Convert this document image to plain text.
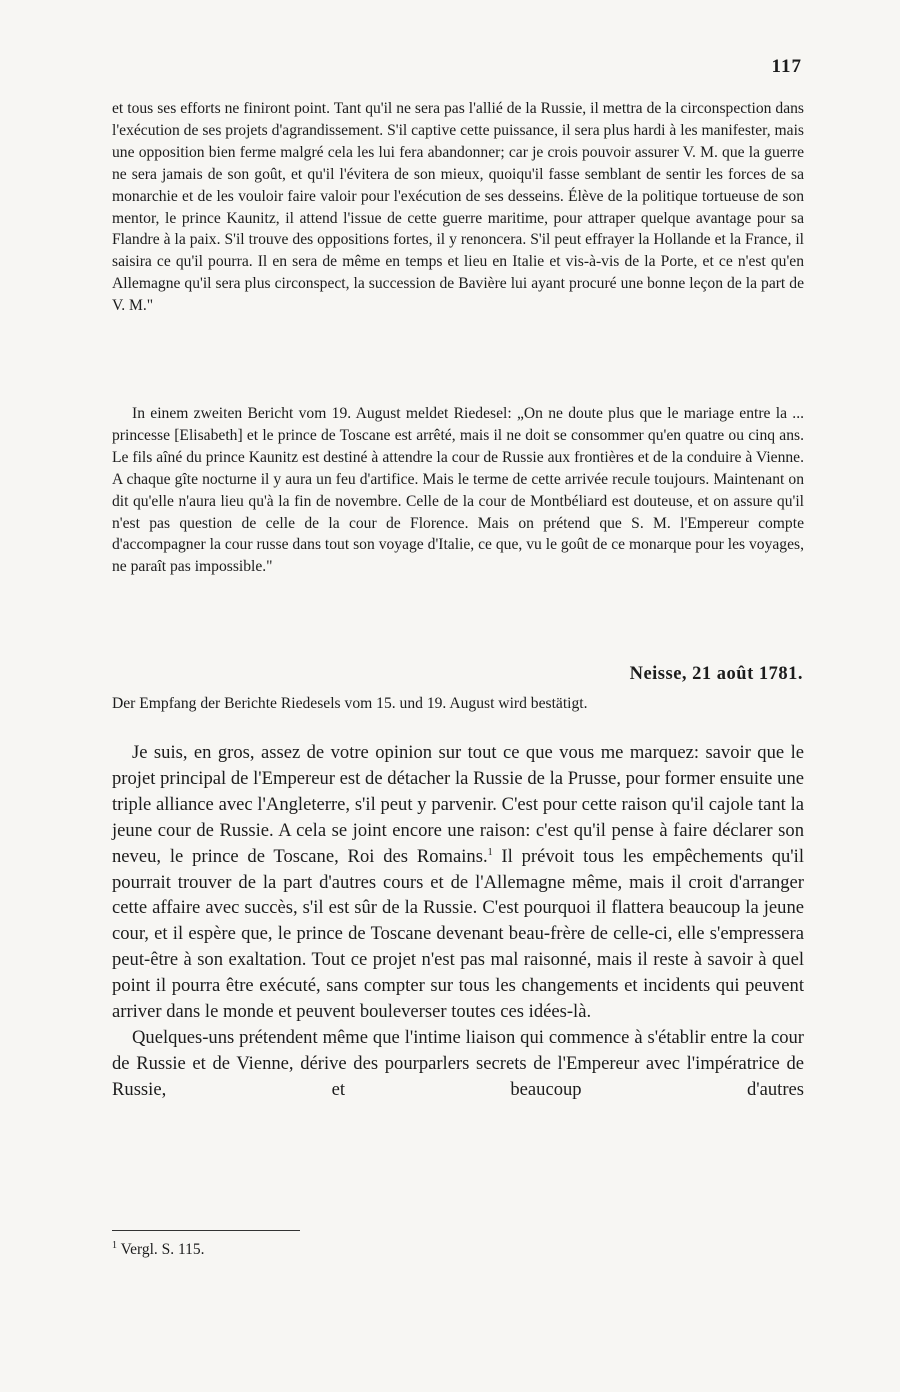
117

et tous ses efforts ne finiront point. Tant qu'il ne sera pas l'allié de la Russie, il mettra de la circonspection dans l'exécution de ses projets d'agrandissement. S'il captive cette puissance, il sera plus hardi à les manifester, mais une opposition bien ferme malgré cela les lui fera abandonner; car je crois pouvoir assurer V. M. que la guerre ne sera jamais de son goût, et qu'il l'évitera de son mieux, quoiqu'il fasse semblant de sentir les forces de sa monarchie et de les vouloir faire valoir pour l'exécution de ses desseins. Élève de la politique tortueuse de son mentor, le prince Kaunitz, il attend l'issue de cette guerre maritime, pour attraper quelque avantage pour sa Flandre à la paix. S'il trouve des oppositions fortes, il y renoncera. S'il peut effrayer la Hollande et la France, il saisira ce qu'il pourra. Il en sera de même en temps et lieu en Italie et vis-à-vis de la Porte, et ce n'est qu'en Allemagne qu'il sera plus circonspect, la succession de Bavière lui ayant procuré une bonne leçon de la part de V. M."

In einem zweiten Bericht vom 19. August meldet Riedesel: „On ne doute plus que le mariage entre la ... princesse [Elisabeth] et le prince de Toscane est arrêté, mais il ne doit se consommer qu'en quatre ou cinq ans. Le fils aîné du prince Kaunitz est destiné à attendre la cour de Russie aux frontières et de la conduire à Vienne. A chaque gîte nocturne il y aura un feu d'artifice. Mais le terme de cette arrivée recule toujours. Maintenant on dit qu'elle n'aura lieu qu'à la fin de novembre. Celle de la cour de Montbéliard est douteuse, et on assure qu'il n'est pas question de celle de la cour de Florence. Mais on prétend que S. M. l'Empereur compte d'accompagner la cour russe dans tout son voyage d'Italie, ce que, vu le goût de ce monarque pour les voyages, ne paraît pas impossible."

Neisse, 21 août 1781.

Der Empfang der Berichte Riedesels vom 15. und 19. August wird bestätigt.

Je suis, en gros, assez de votre opinion sur tout ce que vous me marquez: savoir que le projet principal de l'Empereur est de détacher la Russie de la Prusse, pour former ensuite une triple alliance avec l'Angleterre, s'il peut y parvenir. C'est pour cette raison qu'il cajole tant la jeune cour de Russie. A cela se joint encore une raison: c'est qu'il pense à faire déclarer son neveu, le prince de Toscane, Roi des Romains.$^1$ Il prévoit tous les empêchements qu'il pourrait trouver de la part d'autres cours et de l'Allemagne même, mais il croit d'arranger cette affaire avec succès, s'il est sûr de la Russie. C'est pourquoi il flattera beaucoup la jeune cour, et il espère que, le prince de Toscane devenant beau-frère de celle-ci, elle s'empressera peut-être à son exaltation. Tout ce projet n'est pas mal raisonné, mais il reste à savoir à quel point il pourra être exécuté, sans compter sur tous les changements et incidents qui peuvent arriver dans le monde et peuvent bouleverser toutes ces idées-là.

Quelques-uns prétendent même que l'intime liaison qui commence à s'établir entre la cour de Russie et de Vienne, dérive des pourparlers secrets de l'Empereur avec l'impératrice de Russie, et beaucoup d'autres

$^1$ Vergl. S. 115.
